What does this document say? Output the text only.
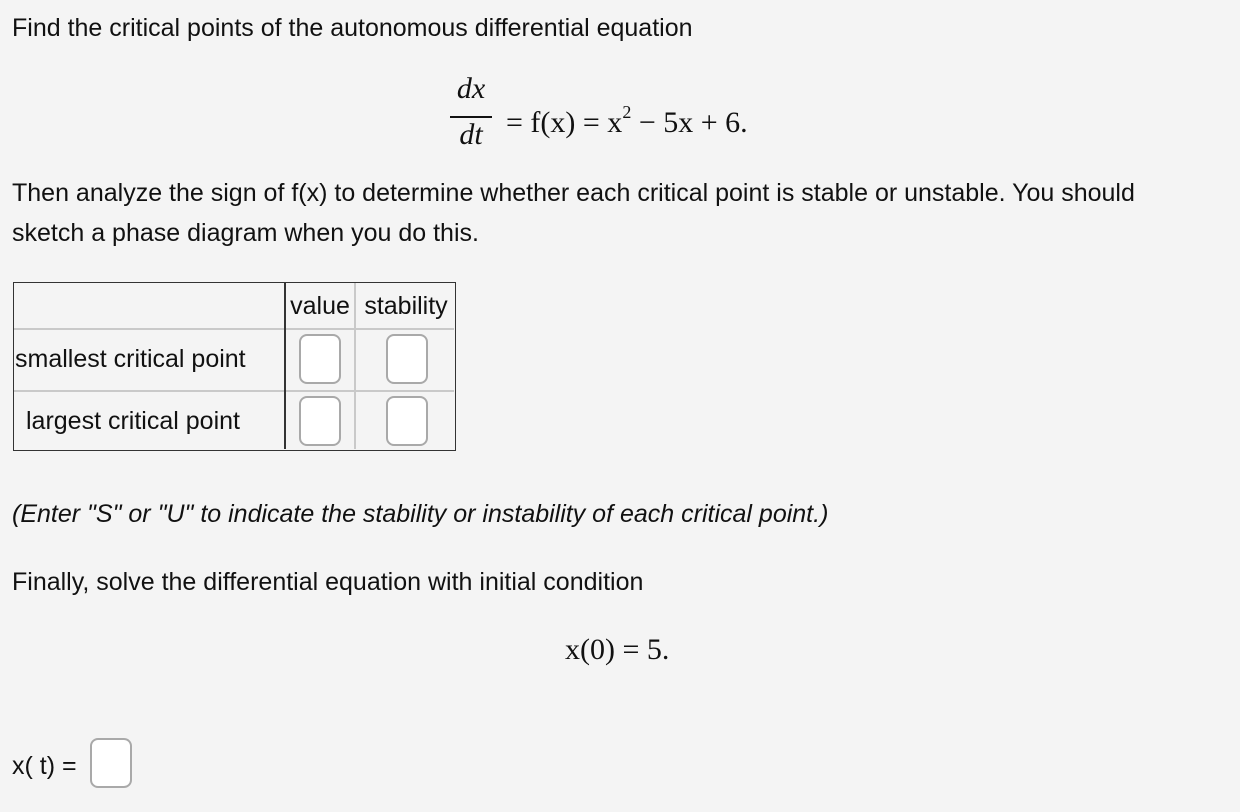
Find the critical points of the autonomous differential equation
dx
dt = $f(x) = x^2 - 5x + 6$.
Then analyze the sign of f(x) to determine whether each critical point is stable or unstable. You should sketch a phase diagram when you do this.
value stability
smallest critical point
largest critical point
(Enter "S" or "U" to indicate the stability or instability of each critical point.)
Finally, solve the differential equation with initial condition
x(0) = 5.
x( t) =
